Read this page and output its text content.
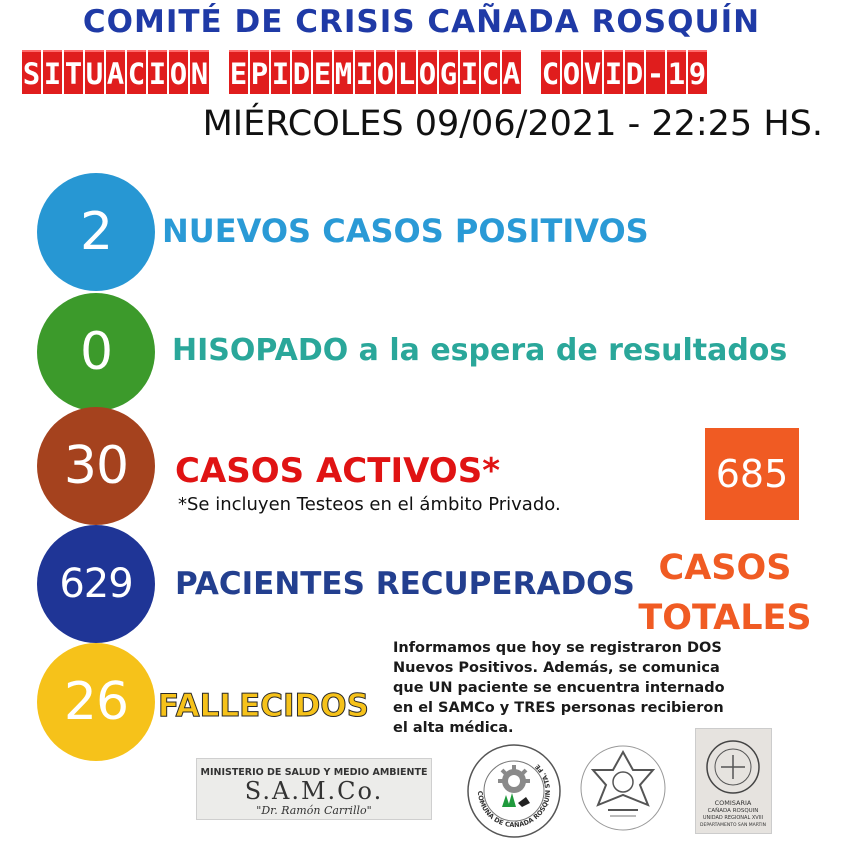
COMITÉ DE CRISIS CAÑADA ROSQUÍN
S I T U A C I O N E P I D E M I O L O G I C A C O V I D - 1 9
MIÉRCOLES 09/06/2021 - 22:25 HS.
2	NUEVOS CASOS POSITIVOS
0	HISOPADO a la espera de resultados
30	CASOS ACTIVOS*
*Se incluyen Testeos en el ámbito Privado.
629	PACIENTES RECUPERADOS
26 FALLECIDOS
685
CASOS
TOTALES
Informamos que hoy se registraron DOS
Nuevos Positivos. Además, se comunica
que UN paciente se encuentra internado
en el SAMCo y TRES personas recibieron
el alta médica.
MINISTERIO DE SALUD Y MEDIO AMBIENTE
S.A.M.Co.
"Dr. Ramón Carrillo"
COMUNA DE CAÑADA ROSQUIN STA. FE
COMISARIA
CAÑADA ROSQUIN
UNIDAD REGIONAL XVIII
DEPARTAMENTO SAN MARTIN
